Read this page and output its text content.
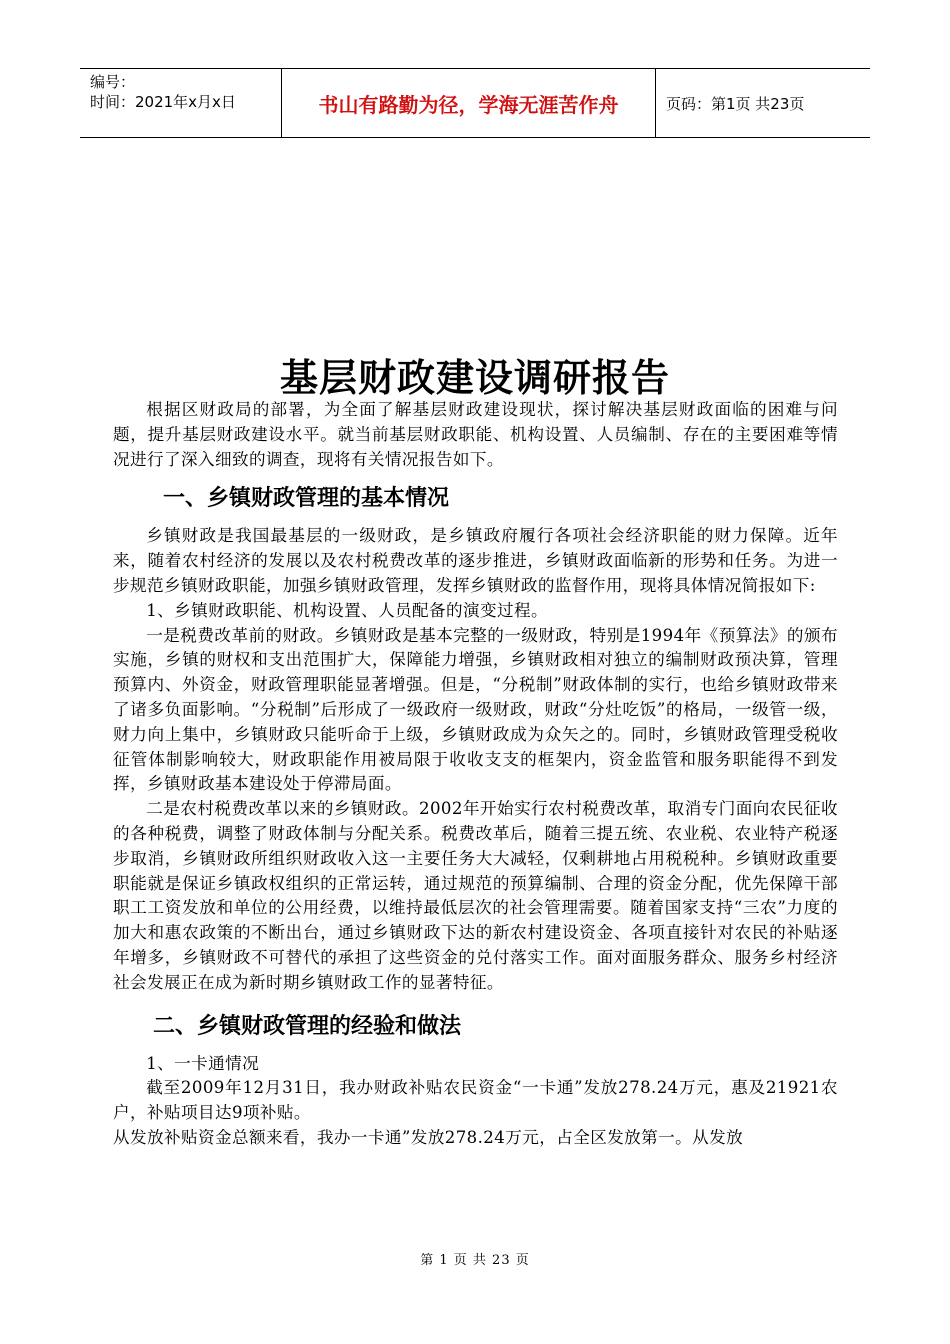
编号：
时间：2021年x月x日	书山有路勤为径，学海无涯苦作舟	页码：第1页 共23页
基层财政建设调研报告

根据区财政局的部署，为全面了解基层财政建设现状，探讨解决基层财政面临的困难与问题，提升基层财政建设水平。就当前基层财政职能、机构设置、人员编制、存在的主要困难等情况进行了深入细致的调查，现将有关情况报告如下。

一、乡镇财政管理的基本情况

乡镇财政是我国最基层的一级财政，是乡镇政府履行各项社会经济职能的财力保障。近年来，随着农村经济的发展以及农村税费改革的逐步推进，乡镇财政面临新的形势和任务。为进一步规范乡镇财政职能，加强乡镇财政管理，发挥乡镇财政的监督作用，现将具体情况简报如下:

1、乡镇财政职能、机构设置、人员配备的演变过程。

一是税费改革前的财政。乡镇财政是基本完整的一级财政，特别是1994年《预算法》的颁布实施，乡镇的财权和支出范围扩大，保障能力增强，乡镇财政相对独立的编制财政预决算，管理预算内、外资金，财政管理职能显著增强。但是，“分税制”财政体制的实行，也给乡镇财政带来了诸多负面影响。“分税制”后形成了一级政府一级财政，财政“分灶吃饭”的格局，一级管一级，财力向上集中，乡镇财政只能听命于上级，乡镇财政成为众矢之的。同时，乡镇财政管理受税收征管体制影响较大，财政职能作用被局限于收收支支的框架内，资金监管和服务职能得不到发挥，乡镇财政基本建设处于停滞局面。

二是农村税费改革以来的乡镇财政。2002年开始实行农村税费改革，取消专门面向农民征收的各种税费，调整了财政体制与分配关系。税费改革后，随着三提五统、农业税、农业特产税逐步取消，乡镇财政所组织财政收入这一主要任务大大减轻，仅剩耕地占用税税种。乡镇财政重要职能就是保证乡镇政权组织的正常运转，通过规范的预算编制、合理的资金分配，优先保障干部职工工资发放和单位的公用经费，以维持最低层次的社会管理需要。随着国家支持“三农”力度的加大和惠农政策的不断出台，通过乡镇财政下达的新农村建设资金、各项直接针对农民的补贴逐年增多，乡镇财政不可替代的承担了这些资金的兑付落实工作。面对面服务群众、服务乡村经济社会发展正在成为新时期乡镇财政工作的显著特征。

二、乡镇财政管理的经验和做法

1、一卡通情况

截至2009年12月31日，我办财政补贴农民资金“一卡通”发放278.24万元，惠及21921农户，补贴项目达9项补贴。

从发放补贴资金总额来看，我办一卡通”发放278.24万元，占全区发放第一。从发放

第 1 页 共 23 页
